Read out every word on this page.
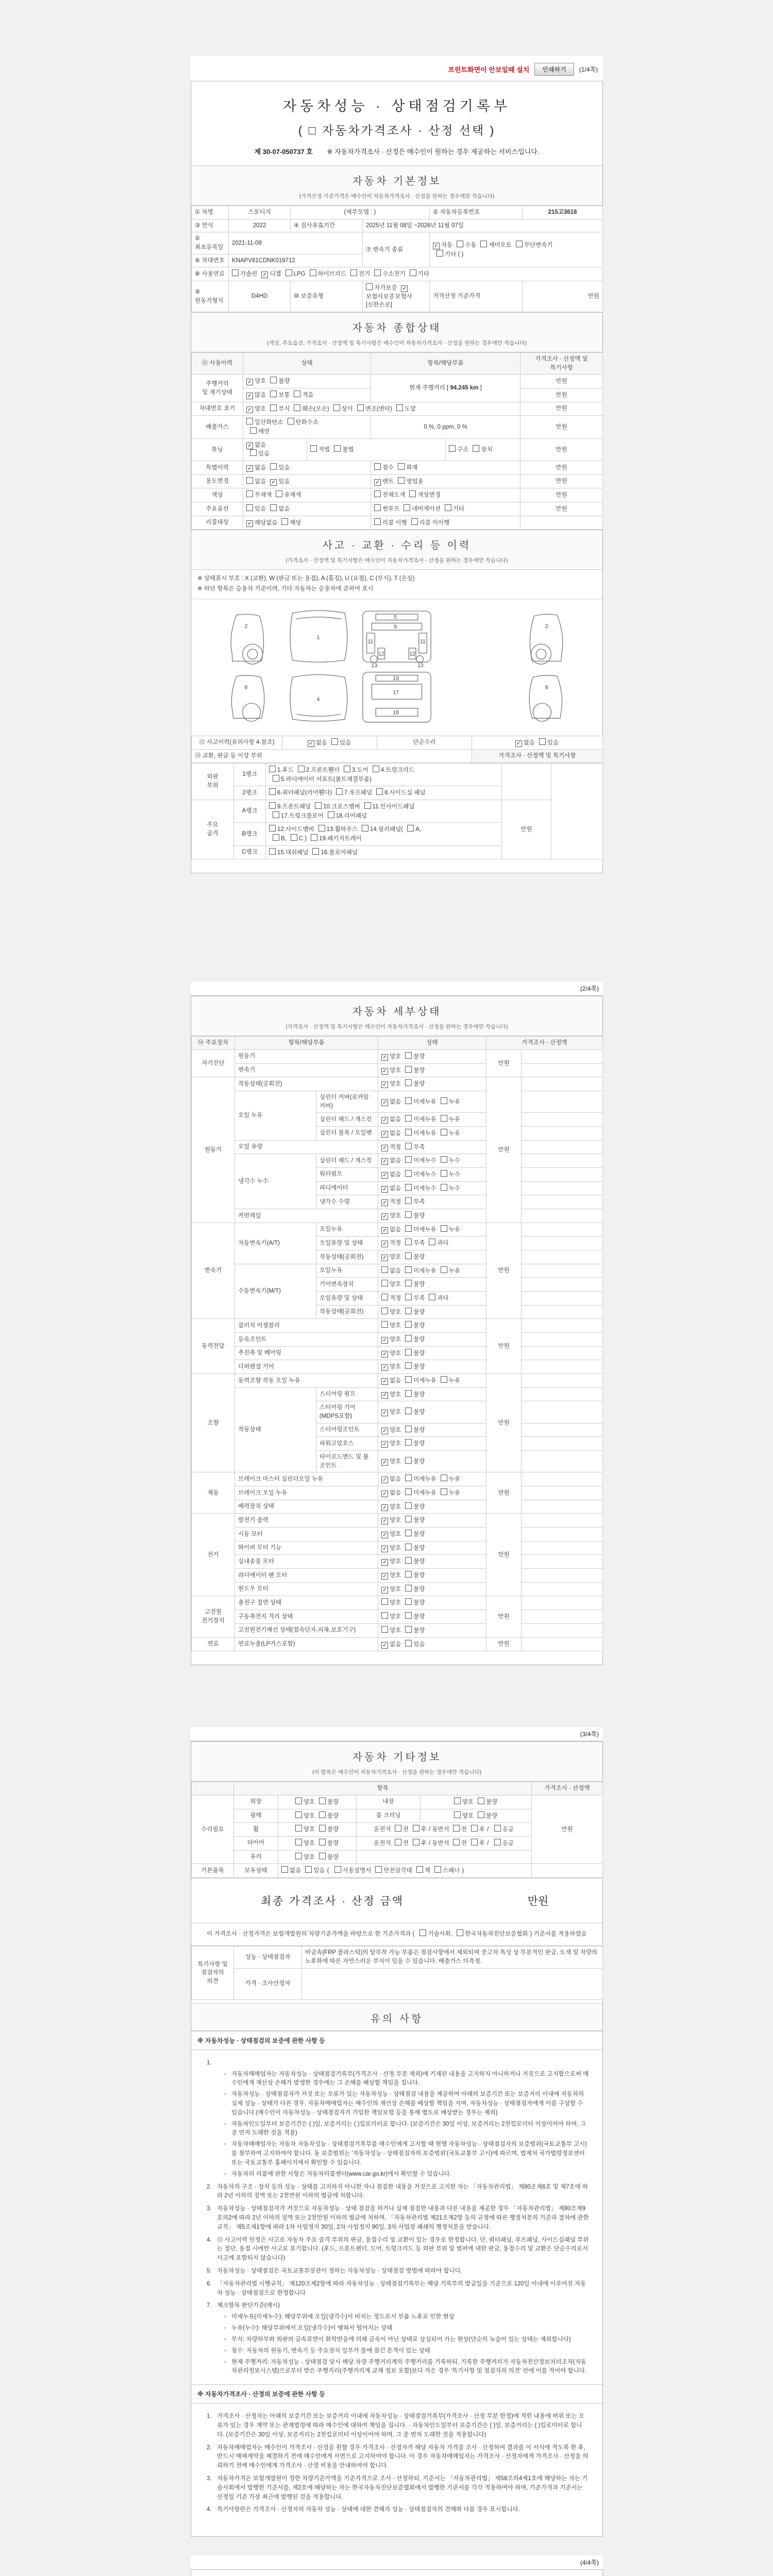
프린트화면이 안보일때 설치	인쇄하기	(1/4쪽)
자동차성능 · 상태점검기록부
( □ 자동차가격조사 · 산정 선택 )
제 30-07-050737 호 ※ 자동차가격조사 · 산정은 매수인이 원하는 경우 제공하는 서비스입니다.
자동차 기본정보
(가격산정 기준가격은 매수인이 자동차가격조사 · 산정을 원하는 경우에만 적습니다)
① 차명	스포티지	(세부모델 : )		② 자동차등록번호	215고3618
③ 연식	2022	④ 검사유효기간	2025년 11월 08일 ~2026년 11월 07일		
⑤ 최초등록일	2021-11-08		⑦ 변속기 종류	✓ 자동 수동 세미오토 무단변속기
기타 ( )	
⑥ 차대번호	KNAPV81CDNK019712				
⑧ 사용연료	가솔린 ✓ 디젤 LPG 하이브리드 전기 수소전기 기타				
⑨ 원동기형식	D4HD	⑩ 보증유형	자가보증 ✓보험사보증보험사[신한손보]	가격산정 기준가격	만원
자동차 종합상태
(색상, 주요옵션, 가격조사 · 산정액 및 특기사항은 매수인이 자동차가격조사 · 산정을 원하는 경우에만 적습니다)
⑪ 사용이력	상태		항목/해당부품		가격조사 · 산정액 및 특기사항
주행거리
및 계기상태	✓ 양호 불량		현재 주행거리 [ 94,245 km ]		만원
	✓ 많음 보통 적음				만원
차대번호 표기	✓ 양호 부식 훼손(오손) 상이 변조(변타) 도말				만원
배출가스	일산화탄소 탄화수소
매연		0 %, 0 ppm, 0 %		만원
튜닝	✓ 없음
있음	적법 불법		구조 장치	만원
특별이력	✓ 없음 있음		침수 화재		만원
용도변경	없음 ✓ 있음		✓ 렌트 영업용		만원
색상	무채색 유채색		전체도색 색상변경		만원
주요옵션	있음 없음		썬루프 네비게이션 기타		만원
리콜대상	✓ 해당없음 해당		리콜 이행 리콜 미이행		
사고 · 교환 · 수리 등 이력
(가격조사 · 산정액 및 특기사항은 매수인이 자동차가격조사 · 산정을 원하는 경우에만 적습니다)
※ 상태표시 부호 : X (교환), W (판금 또는 용접), A (흠집), U (요철), C (부식), T (손상)
※ 하단 항목은 승용차 기준이며, 기타 자동차는 승용차에 준하여 표시
2
1
5
9
11	11
12	12
13	13
2
6
4
19
17
18
6
⑫ 사고이력(유의사항 4.참조)	✓ 없음 있음	단순수리	✓ 없음 있음
⑬ 교환, 판금 등 이상 부위			가격조사 · 산정액 및 특기사항
외판
부위	1랭크	1.후드 2.프론트휀더 3.도어 4.트렁크리드
5.라디에이터 서포트(볼트체결부품)		
	2랭크	6.쿼터패널(리어휀다) 7.루프패널 8.사이드실 패널		
주요
골격	A랭크	9.프론트패널 10.크로스멤버 11.인사이드패널
17.트렁크플로어 18.리어패널	만원	
	B랭크	12.사이드멤버 13.휠하우스 14.필러패널( A,
B, C ) 19.패키지트레이		
	C랭크	15.대쉬패널 16.플로어패널		
(2/4쪽)
자동차 세부상태
(가격조사 · 산정액 및 특기사항은 매수인이 자동차가격조사 · 산정을 원하는 경우에만 적습니다)
⑭ 주요장치	항목/해당부품		상태	가격조사 · 산정액	
자기진단	원동기		✓ 양호 불량	만원	
	변속기		✓ 양호 불량		
원동기	작동상태(공회전)		✓ 양호 불량	만원	
	오일 누유	실린더 커버(로커암 커버)	✓ 없음 미세누유 누유		
		실린더 헤드 / 개스킷	✓ 없음 미세누유 누유		
		실린더 블록 / 오일팬	✓ 없음 미세누유 누유		
	오일 유량		✓ 적정 부족		
	냉각수 누수	실린더 헤드 / 개스킷	✓ 없음 미세누수 누수		
		워터펌프	✓ 없음 미세누수 누수		
		라디에이터	✓ 없음 미세누수 누수		
		냉각수 수량	✓ 적정 부족		
	커먼레일		✓ 양호 불량		
변속기	자동변속기(A/T)	오일누유	✓ 없음 미세누유 누유	만원	
		오일유량 및 상태	✓ 적정 부족 과다		
		작동상태(공회전)	✓ 양호 불량		
	수동변속기(M/T)	오일누유	없음 미세누유 누유		
		기어변속장치	양호 불량		
		오일유량 및 상태	적정 부족 과다		
		작동상태(공회전)	양호 불량		
동력전달	클러치 어셈블리		양호 불량	만원	
	등속조인트		✓ 양호 불량		
	추진축 및 베어링		✓ 양호 불량		
	디퍼렌셜 기어		✓ 양호 불량		
조향	동력조향 작동 오일 누유		✓ 없음 미세누유 누유	만원	
	작동상태	스티어링 펌프	✓ 양호 불량		
		스티어링 기어(MDPS포함)	✓ 양호 불량		
		스티어링조인트	✓ 양호 불량		
		파워고압호스	✓ 양호 불량		
		타이로드엔드 및 볼 조인트	✓ 양호 불량		
제동	브레이크 마스터 실린더오일 누유		✓ 없음 미세누유 누유	만원	
	브레이크 오일 누유		✓ 없음 미세누유 누유		
	배력장치 상태		✓ 양호 불량		
전기	발전기 출력		✓ 양호 불량	만원	
	시동 모터		✓ 양호 불량		
	와이퍼 모터 기능		✓ 양호 불량		
	실내송풍 모터		✓ 양호 불량		
	라디에이터 팬 모터		✓ 양호 불량		
	윈도우 모터		✓ 양호 불량		
고전원
전기장치	충전구 절연 상태		양호 불량	만원	
	구동축전지 격리 상태		양호 불량		
	고전원전기배선 상태(접속단자,피복,보호기구)		양호 불량		
연료	연료누출(LP가스포함)		✓ 없음 있음	만원	
(3/4쪽)
자동차 기타정보
(이 항목은 매수인이 자동차가격조사 · 산정을 원하는 경우에만 적습니다)
	항목				가격조사 · 산정액
수리필요	외장	양호 불량	내장	양호 불량	만원
	광택	양호 불량	룸 크리닝	양호 불량	
	휠	양호 불량	운전석 전 후 / 동반석 전 후 / 응급		
	타이어	양호 불량	운전석 전 후 / 동반석 전 후 / 응급		
	유리	양호 불량			
기본품목	보유상태	없음 있음 ( 사용설명서 안전삼각대 잭 스패너 )			
최종 가격조사 · 산정 금액	만원
이 가격조사 · 산정가격은 보험개발원의 차량기준가액을 바탕으로 한 기준가격과 ( 기술사회, 한국자동차진단보증협회 ) 기준서를 적용하였음
특기사항 및
점검자의 의견	성능 · 상태점검자	비금속(FRP 플라스틱)의 탈부착 가능 부품은 점검사항에서 제외되며 중고차 특성 상 부분적인 판금, 도색 및 차량의 노후화에 따른 자연스러운 부식이 있을 수 있습니다. 배출가스 미측정.
	가격 · 조사산정자	
유의 사항
※ 자동차성능 · 상태점검의 보증에 관한 사항 등
1.
◦ 자동차매매업자는 자동차성능 · 상태점검기록부(가격조사 · 산정 부분 제외)에 기재된 내용을 고지하지 아니하거나 거짓으로 고지함으로써 매수인에게 재산상 손해가 발생한 경우에는 그 손해를 배상할 책임을 집니다.
◦ 자동차성능 · 상태점검자가 거짓 또는 오류가 있는 자동차성능 · 상태점검 내용을 제공하여 아래의 보증기간 또는 보증거리 이내에 자동차의 실제 성능 · 상태가 다른 경우, 자동차매매업자는 매수인의 재산상 손해를 배상할 책임을 지며, 자동차성능 · 상태점검자에게 이를 구상할 수 있습니다.(매수인이 자동차성능 · 상태점검자가 가입한 책임보험 등을 통해 별도로 배상받는 경우는 제외)
◦ 자동차인도일부터 보증기간은 ( )일, 보증거리는 ( )킬로미터로 합니다. (보증기간은 30일 이상, 보증거리는 2천킬로미터 이상이어야 하며, 그 중 먼저 도래한 것을 적용)
◦ 자동차매매업자는 자동차 자동차성능 · 상태점검기록부를 매수인에게 고지할 때 현행 자동차성능 · 상태점검자의 보증범위(국토교통부 고시)를 첨부하여 고지하여야 합니다. 동 보증범위는 '자동차성능 · 상태점검자의 보증범위'(국토교통부 고시)에 따르며, 법제처 국가법령정보센터 또는 국토교통부 홈페이지에서 확인할 수 있습니다.
◦ 자동차의 리콜에 관한 사항은 자동차리콜센터(www.car.go.kr)에서 확인할 수 있습니다.
2. 자동차의 구조 · 장치 등의 성능 · 상태를 고지하지 아니한 자나 점검한 내용을 거짓으로 고지한 자는 「자동차관리법」 제80조제6호 및 제7호에 따라 2년 이하의 징역 또는 2천만원 이하의 벌금에 처합니다.
3. 자동차성능 · 상태점검자가 거짓으로 자동차성능 · 상태 점검을 하거나 실제 점검한 내용과 다른 내용을 제공한 경우 「자동차관리법」 제80조제9호의2에 따라 2년 이하의 징역 또는 2천만원 이하의 벌금에 처하며, 「자동차관리법 제21조제2항 등의 규정에 따른 행정처분의 기준과 절차에 관한 규칙」 제5조제1항에 따라 1차 사업정지 30일, 2차 사업정지 90일, 3차 사업장 폐쇄의 행정처분을 받습니다.
4. ⑫ 사고이력 인정은 사고로 자동차 주요 골격 부위의 판금, 용접수리 및 교환이 있는 경우로 한정합니다. 단, 쿼터패널, 루프패널, 사이드실패널 부위는 절단, 용접 시에만 사고로 표기합니다. (후드, 프론트펜더, 도어, 트렁크리드 등 외판 부위 및 범퍼에 대한 판금, 용접수리 및 교환은 단순수리로서 사고에 포함되지 않습니다)
5. 자동차성능 · 상태점검은 국토교통부장관이 정하는 자동차성능 · 상태점검 방법에 따라야 합니다.
6. 「자동차관리법 시행규칙」 제120조제2항에 따라 자동차성능 · 상태점검기록부는 해당 기록부의 발급일을 기준으로 120일 이내에 이루어진 자동차 성능 · 상태점검으로 한정합니다
7. 체크항목 판단기준(예시)
◦ 미세누유(미세누수): 해당부위에 오일(냉각수)이 비치는 정도로서 부품 노후로 인한 현상
◦ 누유(누수): 해당부위에서 오일(냉각수)이 맺혀서 떨어지는 상태
◦ 부식: 차량하부와 외판의 금속표면이 화학반응에 의해 금속이 아닌 상태로 상실되어 가는 현상(단순히 녹슬어 있는 상태는 제외합니다)
◦ 침수: 자동차의 원동기, 변속기 등 주요장치 일부가 물에 잠긴 흔적이 있는 상태
◦ 현재 주행거리: 자동차성능 · 상태점검 당시 해당 차량 주행거리계의 주행거리를 기록하되, 기록한 주행거리가 자동차전산정보처리조직(자동차관리정보시스템)으로부터 받은 주행거리(주행거리계 교체 정보 포함)보다 적은 경우 '특기사항 및 점검자의 의견' 란에 이를 적어야 합니다.
※ 자동차가격조사 · 산정의 보증에 관한 사항 등
1. 가격조사 · 산정자는 아래의 보증기간 또는 보증거리 이내에 자동차성능 · 상태점검기록부(가격조사 · 산정 부분 한정)에 적힌 내용에 허위 또는 오류가 있는 경우 계약 또는 관계법령에 따라 매수인에 대하여 책임을 집니다. · 자동차인도일부터 보증기간은 ( )일, 보증거리는 ( )킬로미터로 합니다. (보증기간은 30일 이상, 보증거리는 2천킬로미터 이상이어야 하며, 그 중 먼저 도래한 것을 적용합니다)
2. 자동차매매업자는 매수인이 가격조사 · 산정을 원할 경우 가격조사 · 산정자가 해당 자동차 가격을 조사 · 산정하여 결과를 이 서식에 적도록 한 후, 반드시 매매계약을 체결하기 전에 매수인에게 서면으로 고지하여야 합니다. 이 경우 자동차매매업자는 가격조사 · 산정자에게 가격조사 · 산정을 의뢰하기 전에 매수인에게 가격조사 · 산정 비용을 안내하여야 합니다.
3. 자동차가격은 보험개발원이 정한 차량기준가액을 기준가격으로 조사 · 산정하되, 기준서는 「자동차관리법」 제58조의4제1호에 해당하는 자는 기술사회에서 발행한 기준서를, 제2호에 해당하는 자는 한국자동차진단보증협회에서 발행한 기준서를 각각 적용하여야 하며, 기준가격과 기준서는 산정일 기준 가장 최근에 발행된 것을 적용합니다.
4. 특기사항란은 가격조사 · 산정자의 자동차 성능 · 상태에 대한 견해가 성능 · 상태점검자의 견해와 다를 경우 표시합니다.
(4/4쪽)
